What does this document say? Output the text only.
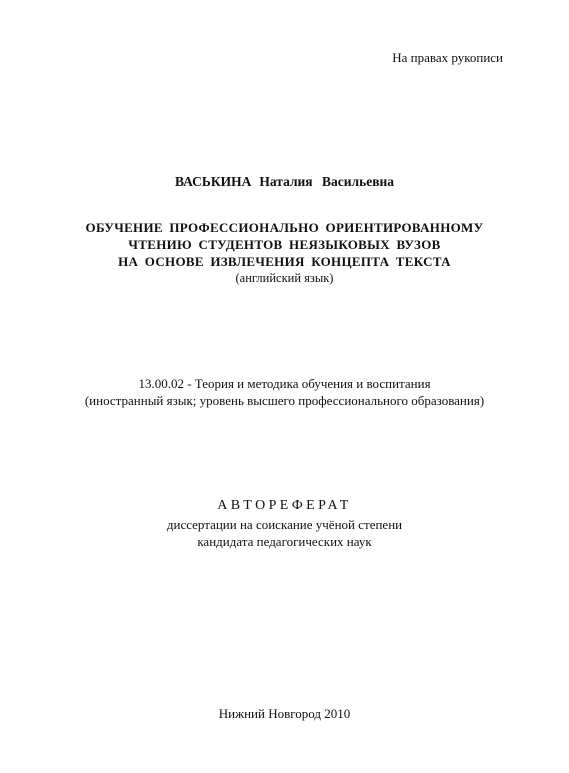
На правах рукописи

ВАСЬКИНА Наталия Васильевна

ОБУЧЕНИЕ ПРОФЕССИОНАЛЬНО ОРИЕНТИРОВАННОМУ

ЧТЕНИЮ СТУДЕНТОВ НЕЯЗЫКОВЫХ ВУЗОВ

НА ОСНОВЕ ИЗВЛЕЧЕНИЯ КОНЦЕПТА ТЕКСТА

(английский язык)

13.00.02 - Теория и методика обучения и воспитания

(иностранный язык; уровень высшего профессионального образования)

АВТОРЕФЕРАТ

диссертации на соискание учёной степени

кандидата педагогических наук

Нижний Новгород 2010
